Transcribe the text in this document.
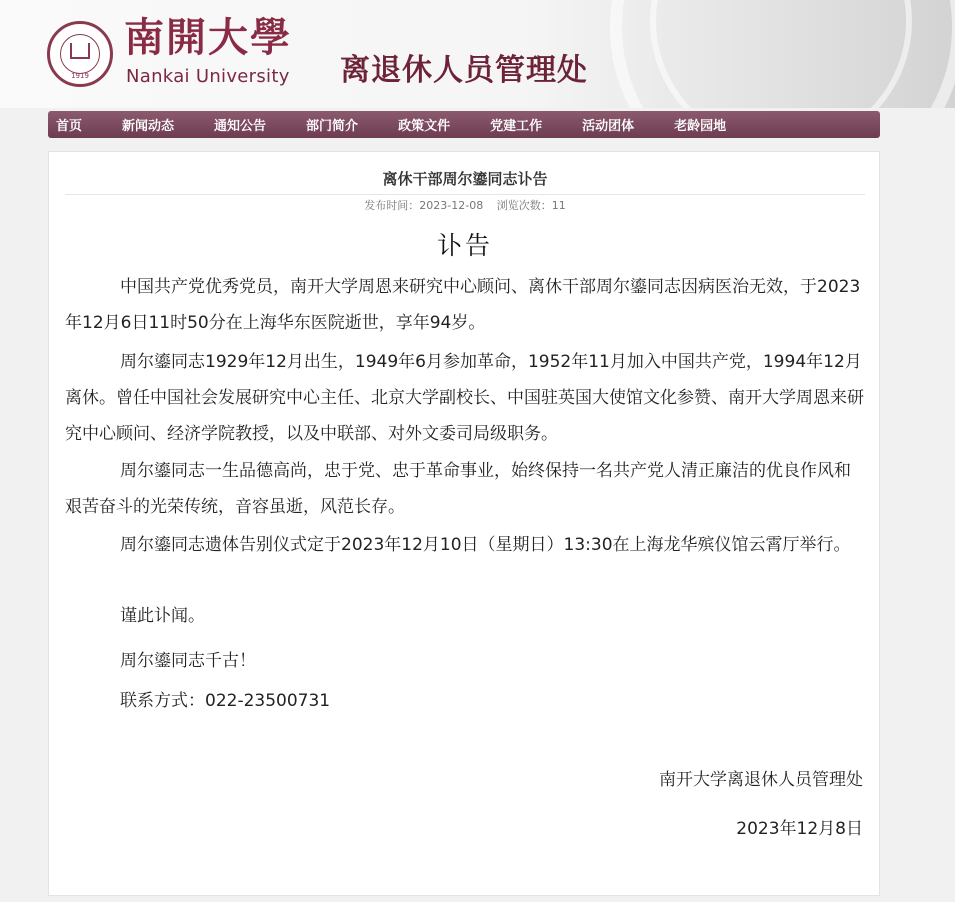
1919
南開大學
Nankai University 离退休人员管理处
首页	新闻动态	通知公告	部门简介	政策文件	党建工作	活动团体	老龄园地
离休干部周尔鎏同志讣告
发布时间：2023-12-08 浏览次数：11
讣告

中国共产党优秀党员，南开大学周恩来研究中心顾问、离休干部周尔鎏同志因病医治无效，于2023年12月6日11时50分在上海华东医院逝世，享年94岁。

周尔鎏同志1929年12月出生，1949年6月参加革命，1952年11月加入中国共产党，1994年12月离休。曾任中国社会发展研究中心主任、北京大学副校长、中国驻英国大使馆文化参赞、南开大学周恩来研究中心顾问、经济学院教授，以及中联部、对外文委司局级职务。

周尔鎏同志一生品德高尚，忠于党、忠于革命事业，始终保持一名共产党人清正廉洁的优良作风和艰苦奋斗的光荣传统，音容虽逝，风范长存。

周尔鎏同志遗体告别仪式定于2023年12月10日（星期日）13:30在上海龙华殡仪馆云霄厅举行。

谨此讣闻。

周尔鎏同志千古！

联系方式：022-23500731

南开大学离退休人员管理处
2023年12月8日
